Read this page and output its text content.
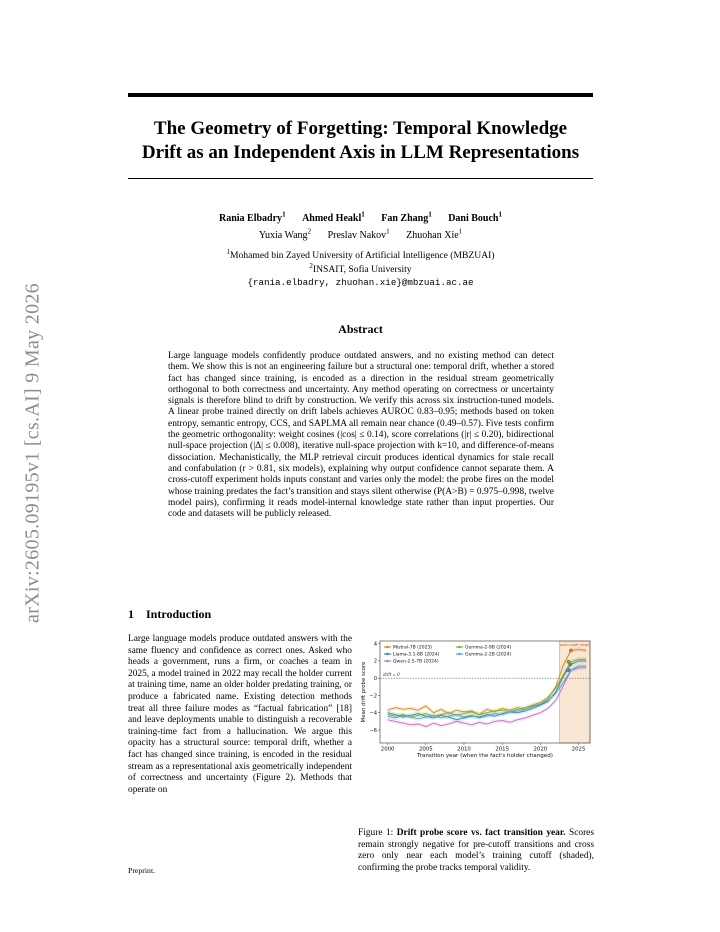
arXiv:2605.09195v1 [cs.AI] 9 May 2026
The Geometry of Forgetting: Temporal Knowledge
Drift as an Independent Axis in LLM Representations
Rania Elbadry$^1$ Ahmed Heakl$^1$ Fan Zhang$^1$ Dani Bouch$^1$
Yuxia Wang$^2$ Preslav Nakov$^1$ Zhuohan Xie$^1$
$^1$Mohamed bin Zayed University of Artificial Intelligence (MBZUAI)
$^2$INSAIT, Sofia University
{rania.elbadry, zhuohan.xie}@mbzuai.ac.ae
Abstract

Large language models confidently produce outdated answers, and no existing method can detect them. We show this is not an engineering failure but a structural one: temporal drift, whether a stored fact has changed since training, is encoded as a direction in the residual stream geometrically orthogonal to both correctness and uncertainty. Any method operating on correctness or uncertainty signals is therefore blind to drift by construction. We verify this across six instruction-tuned models. A linear probe trained directly on drift labels achieves AUROC 0.83–0.95; methods based on token entropy, semantic entropy, CCS, and SAPLMA all remain near chance (0.49–0.57). Five tests confirm the geometric orthogonality: weight cosines (|cos| ≤ 0.14), score correlations (|r| ≤ 0.20), bidirectional null-space projection (|Δ| ≤ 0.008), iterative null-space projection with k=10, and difference-of-means dissociation. Mechanistically, the MLP retrieval circuit produces identical dynamics for stale recall and confabulation (r > 0.81, six models), explaining why output confidence cannot separate them. A cross-cutoff experiment holds inputs constant and varies only the model: the probe fires on the model whose training predates the fact’s transition and stays silent otherwise (P(A>B) = 0.975–0.998, twelve model pairs), confirming it reads model-internal knowledge state rather than input properties. Our code and datasets will be publicly released.

1 Introduction

Large language models produce outdated answers with the same fluency and confidence as correct ones. Asked who heads a government, runs a firm, or coaches a team in 2025, a model trained in 2022 may recall the holder current at training time, name an older holder predating training, or produce a fabricated name. Existing detection methods treat all three failure modes as “factual fabrication” [18] and leave deployments unable to distinguish a recoverable training-time fact from a hallucination. We argue this opacity has a structural source: temporal drift, whether a fact has changed since training, is encoded in the residual stream as a representational axis geometrically independent of correctness and uncertainty (Figure 2). Methods that operate on

post-cutoff range
drift = 0
2000	2005	2010	2015	2020	2025
−6
−4
−2
0
2
4
Transition year (when the fact's holder changed)
Mean drift probe score
Mistral-7B (2023)
Llama-3.1-8B (2024)
Qwen-2.5-7B (2024)
Gemma-2-9B (2024)
Gemma-2-2B (2024)

Figure 1: Drift probe score vs. fact transition year. Scores remain strongly negative for pre-cutoff transitions and cross zero only near each model’s training cutoff (shaded), confirming the probe tracks temporal validity.

Preprint.
